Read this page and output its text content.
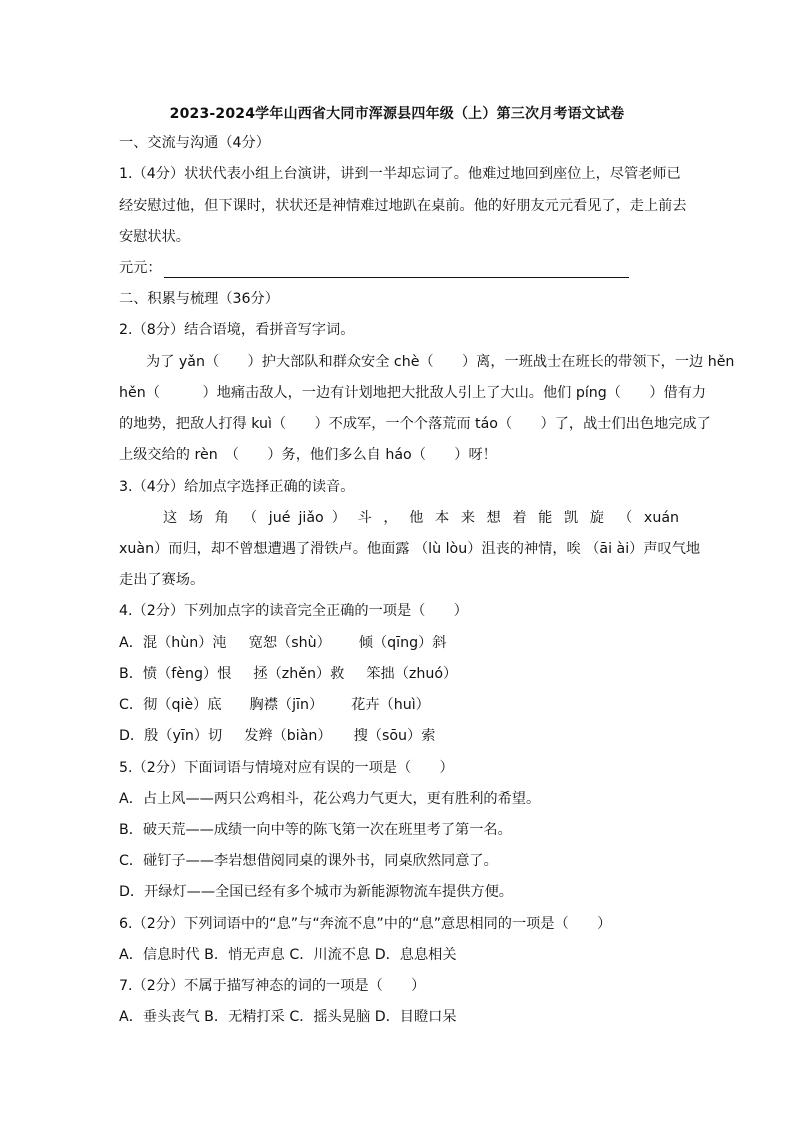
2023-2024学年山西省大同市浑源县四年级（上）第三次月考语文试卷
一、交流与沟通（4分）
1.（4分）状状代表小组上台演讲，讲到一半却忘词了。他难过地回到座位上，尽管老师已
经安慰过他，但下课时，状状还是神情难过地趴在桌前。他的好朋友元元看见了，走上前去
安慰状状。
元元：
二、积累与梳理（36分）
2.（8分）结合语境，看拼音写字词。
为了 yǎn（　　）护大部队和群众安全 chè（　　）离，一班战士在班长的带领下，一边 hěn
hěn（　　　）地痛击敌人，一边有计划地把大批敌人引上了大山。他们 píng（　　）借有力
的地势，把敌人打得 kuì（　　）不成军，一个个落荒而 táo（　　）了，战士们出色地完成了
上级交给的 rèn　（　　）务，他们多么自 háo（　　）呀！
3.（4分）给加点字选择正确的读音。
这 场 角　（ jué jiǎo ） 斗 ， 他 本 来 想 着 能 凯 旋　（ xuán
xuàn）而归，却不曾想遭遇了滑铁卢。他面露 （lù lòu）沮丧的神情，唉 （āi ài）声叹气地
走出了赛场。
4.（2分）下列加点字的读音完全正确的一项是（　　）
A．混（hùn）沌 宽恕（shù） 倾（qīng）斜
B．愤（fèng）恨 拯（zhěn）救 笨拙（zhuó）
C．彻（qiè）底 胸襟（jīn） 花卉（huì）
D．殷（yīn）切 发辫（biàn） 搜（sōu）索
5.（2分）下面词语与情境对应有误的一项是（　　）
A．占上风——两只公鸡相斗，花公鸡力气更大，更有胜利的希望。
B．破天荒——成绩一向中等的陈飞第一次在班里考了第一名。
C．碰钉子——李岩想借阅同桌的课外书，同桌欣然同意了。
D．开绿灯——全国已经有多个城市为新能源物流车提供方便。
6.（2分）下列词语中的“息”与“奔流不息”中的“息”意思相同的一项是（　　）
A．信息时代 B．悄无声息 C．川流不息 D．息息相关
7.（2分）不属于描写神态的词的一项是（　　）
A．垂头丧气 B．无精打采 C．摇头晃脑 D．目瞪口呆
